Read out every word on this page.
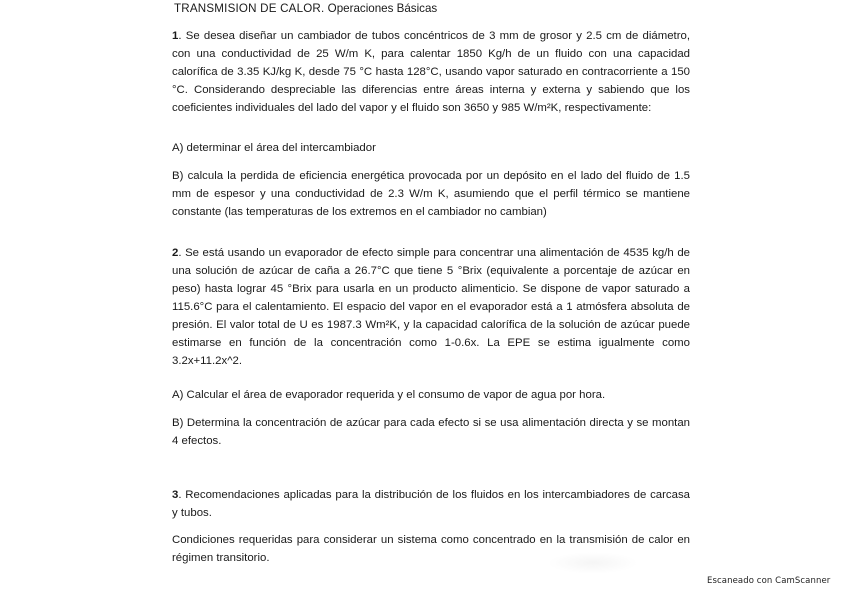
TRANSMISION DE CALOR. Operaciones Básicas

1. Se desea diseñar un cambiador de tubos concéntricos de 3 mm de grosor y 2.5 cm de diámetro, con una conductividad de 25 W/m K, para calentar 1850 Kg/h de un fluido con una capacidad calorífica de 3.35 KJ/kg K, desde 75 °C hasta 128°C, usando vapor saturado en contracorriente a 150 °C. Considerando despreciable las diferencias entre áreas interna y externa y sabiendo que los coeficientes individuales del lado del vapor y el fluido son 3650 y 985 W/m²K, respectivamente:

A) determinar el área del intercambiador

B) calcula la perdida de eficiencia energética provocada por un depósito en el lado del fluido de 1.5 mm de espesor y una conductividad de 2.3 W/m K, asumiendo que el perfil térmico se mantiene constante (las temperaturas de los extremos en el cambiador no cambian)

2. Se está usando un evaporador de efecto simple para concentrar una alimentación de 4535 kg/h de una solución de azúcar de caña a 26.7°C que tiene 5 °Brix (equivalente a porcentaje de azúcar en peso) hasta lograr 45 °Brix para usarla en un producto alimenticio. Se dispone de vapor saturado a 115.6°C para el calentamiento. El espacio del vapor en el evaporador está a 1 atmósfera absoluta de presión. El valor total de U es 1987.3 Wm²K, y la capacidad calorífica de la solución de azúcar puede estimarse en función de la concentración como 1-0.6x. La EPE se estima igualmente como 3.2x+11.2x^2.

A) Calcular el área de evaporador requerida y el consumo de vapor de agua por hora.

B) Determina la concentración de azúcar para cada efecto si se usa alimentación directa y se montan 4 efectos.

3. Recomendaciones aplicadas para la distribución de los fluidos en los intercambiadores de carcasa y tubos.

Condiciones requeridas para considerar un sistema como concentrado en la transmisión de calor en régimen transitorio.

Escaneado con CamScanner
